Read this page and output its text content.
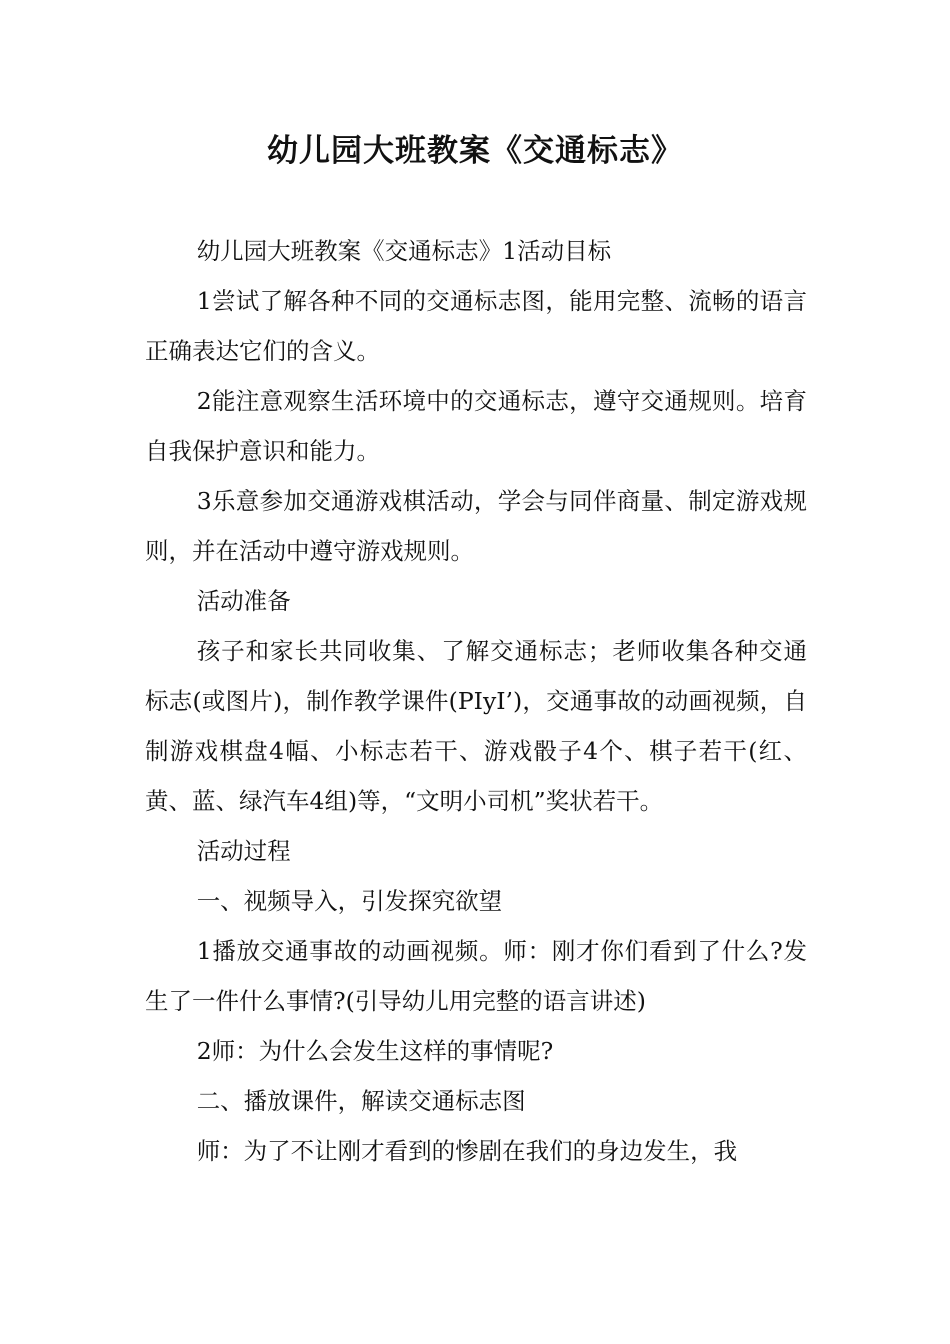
幼儿园大班教案《交通标志》

幼儿园大班教案《交通标志》1活动目标

1尝试了解各种不同的交通标志图，能用完整、流畅的语言正确表达它们的含义。

2能注意观察生活环境中的交通标志，遵守交通规则。培育自我保护意识和能力。

3乐意参加交通游戏棋活动，学会与同伴商量、制定游戏规则，并在活动中遵守游戏规则。

活动准备

孩子和家长共同收集、了解交通标志；老师收集各种交通标志(或图片)，制作教学课件(PIyI’)，交通事故的动画视频，自制游戏棋盘4幅、小标志若干、游戏骰子4个、棋子若干(红、黄、蓝、绿汽车4组)等，“文明小司机”奖状若干。

活动过程

一、视频导入，引发探究欲望

1播放交通事故的动画视频。师：刚才你们看到了什么?发生了一件什么事情?(引导幼儿用完整的语言讲述)

2师：为什么会发生这样的事情呢?

二、播放课件，解读交通标志图

师：为了不让刚才看到的惨剧在我们的身边发生，我
